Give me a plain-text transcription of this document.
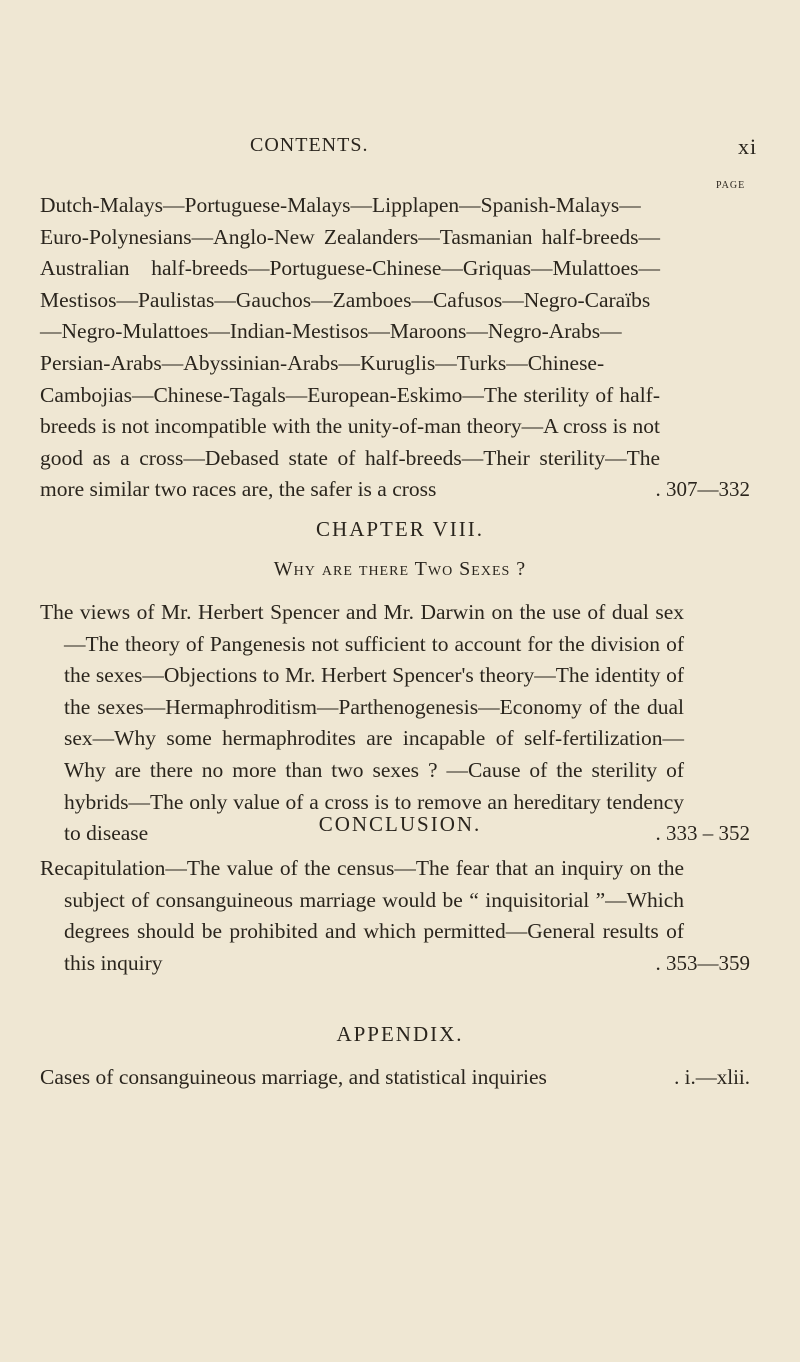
CONTENTS.	xi
PAGE
Dutch-Malays—Portuguese-Malays—Lipplapen—Spanish-Malays—Euro-Polynesians—Anglo-New Zealanders—Tasmanian half-breeds—Australian half-breeds—Portuguese-Chinese—Griquas—Mulattoes—Mestisos—Paulistas—Gauchos—Zamboes—Cafusos—Negro-Caraïbs—Negro-Mulattoes—Indian-Mestisos—Maroons—Negro-Arabs—Persian-Arabs—Abyssinian-Arabs—Kuruglis—Turks—Chinese-Cambojias—Chinese-Tagals—European-Eskimo—The sterility of half-breeds is not incompatible with the unity-of-man theory—A cross is not good as a cross—Debased state of half-breeds—Their sterility—The more similar two races are, the safer is a cross	. 307—332
CHAPTER VIII.
Why are there Two Sexes ?
The views of Mr. Herbert Spencer and Mr. Darwin on the use of dual sex—The theory of Pangenesis not sufficient to account for the division of the sexes—Objections to Mr. Herbert Spencer's theory—The identity of the sexes—Hermaphroditism—Parthenogenesis—Economy of the dual sex—Why some hermaphrodites are incapable of self-fertilization—Why are there no more than two sexes ? —Cause of the sterility of hybrids—The only value of a cross is to remove an hereditary tendency to disease	. 333 – 352
CONCLUSION.
Recapitulation—The value of the census—The fear that an inquiry on the subject of consanguineous marriage would be “ inquisitorial ”—Which degrees should be prohibited and which permitted—General results of this inquiry	. 353—359
APPENDIX.
Cases of consanguineous marriage, and statistical inquiries	. i.—xlii.
